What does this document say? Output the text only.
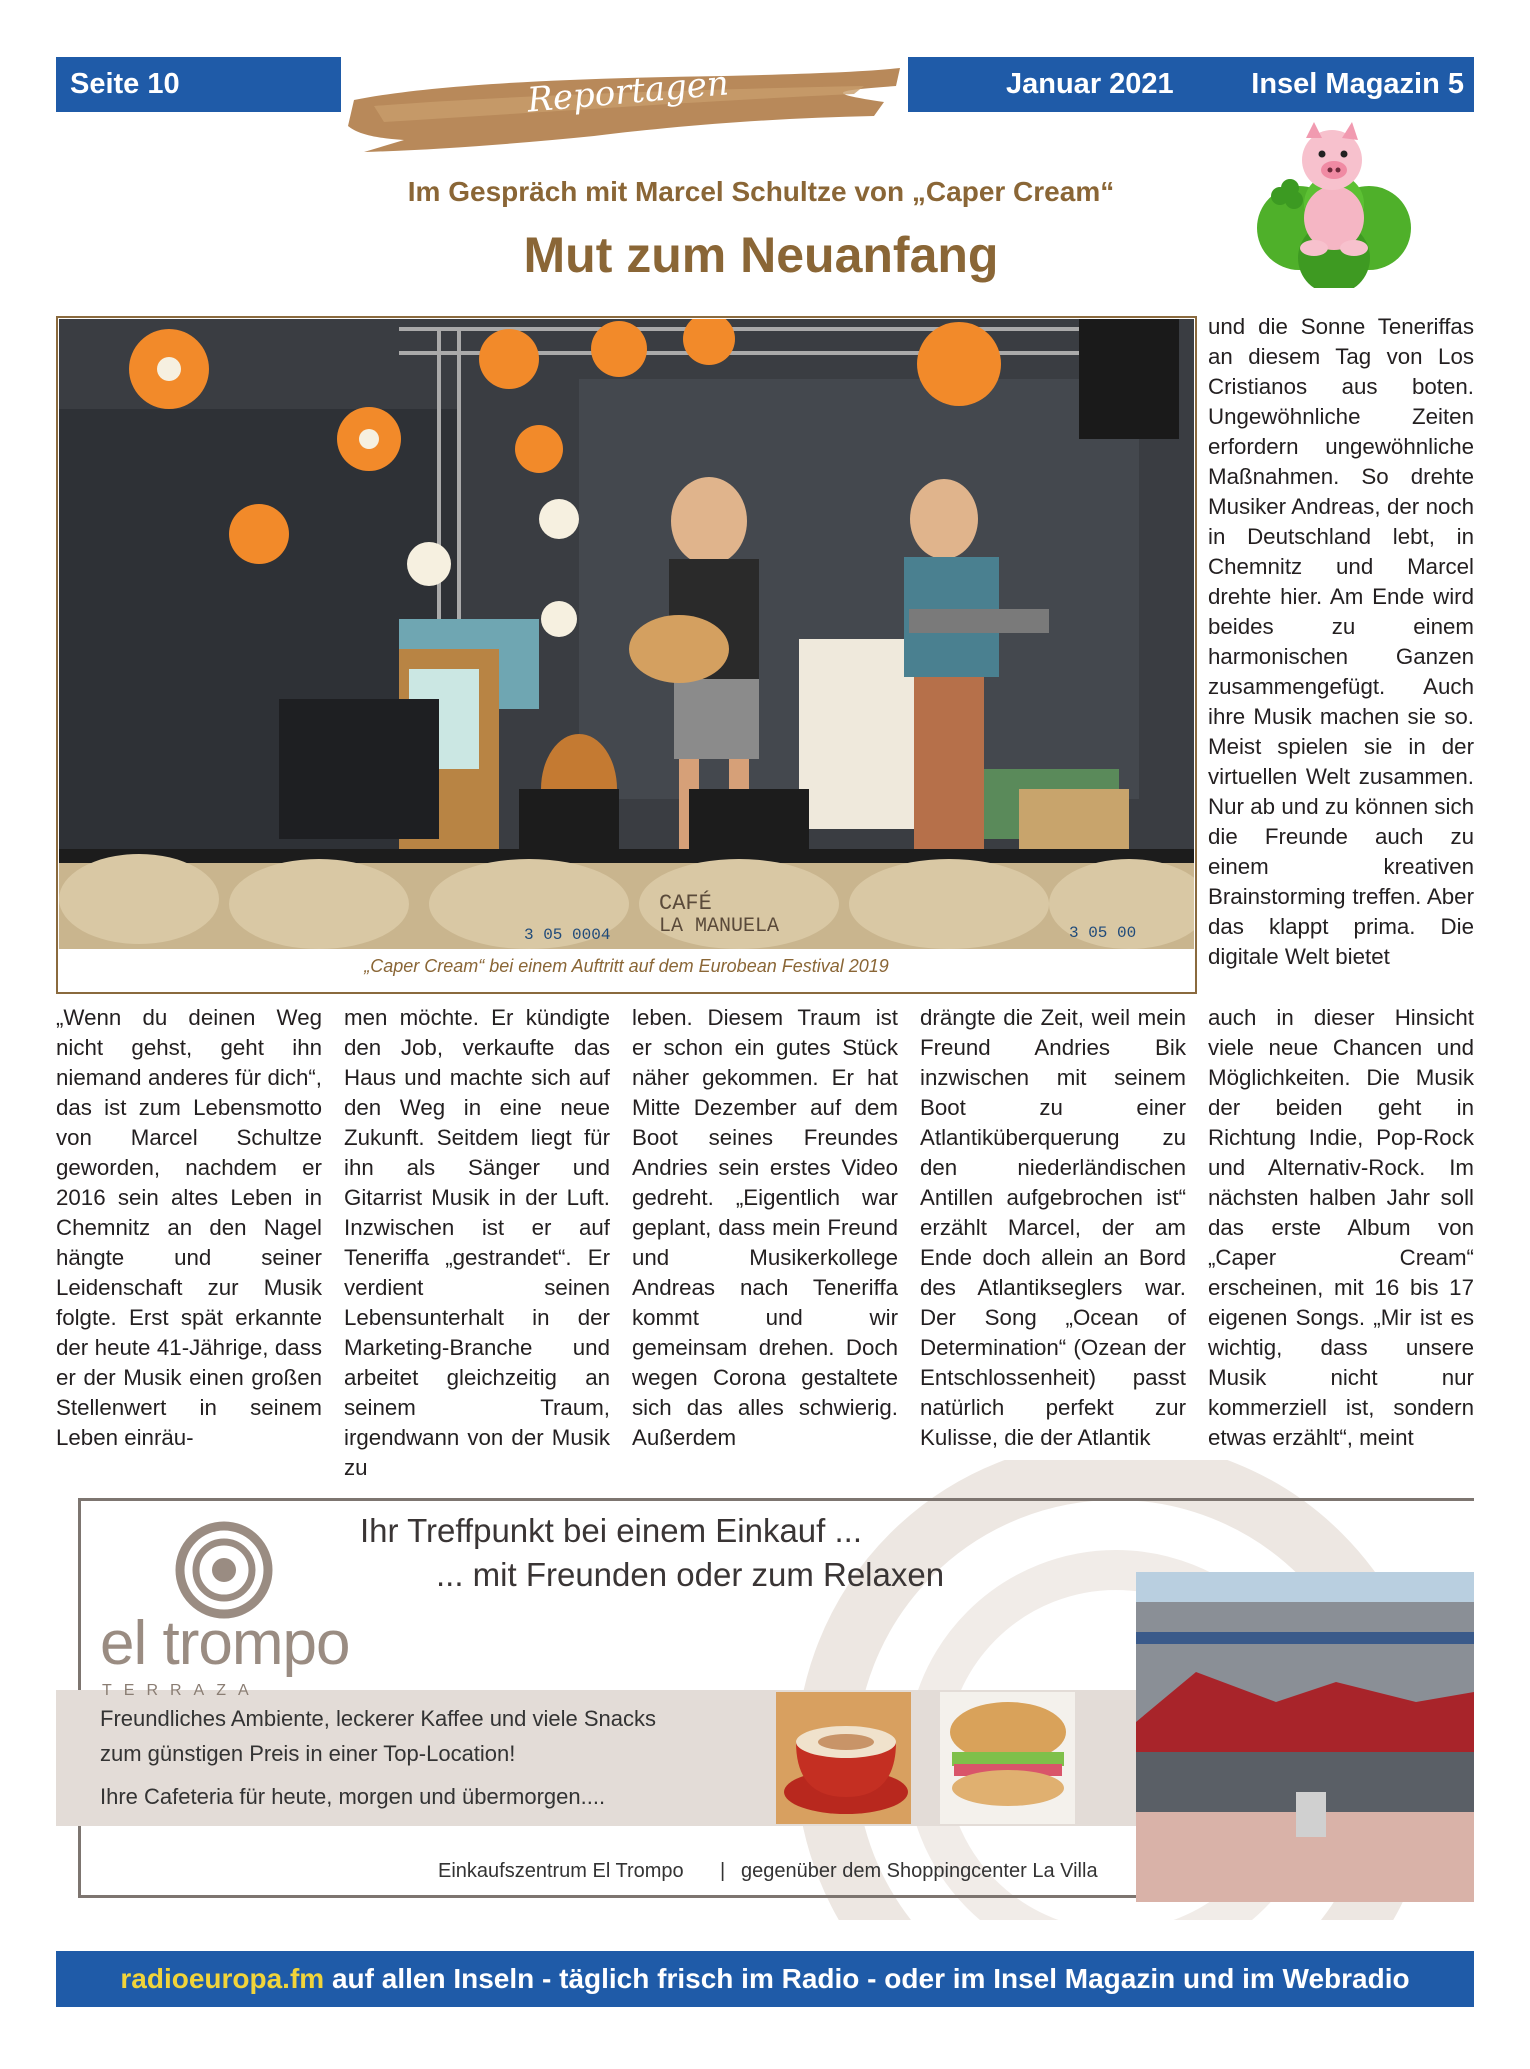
Seite 10	Reportagen	Januar 2021	Insel Magazin 5
Im Gespräch mit Marcel Schultze von „Caper Cream“
Mut zum Neuanfang
CAFÉ
LA MANUELA
3 05 0004	3 05 00
„Caper Cream“ bei einem Auftritt auf dem Eurobean Festival 2019

und die Sonne Teneriffas an diesem Tag von Los Cristianos aus boten. Ungewöhnliche Zeiten erfordern ungewöhnliche Maßnahmen. So drehte Musiker Andreas, der noch in Deutschland lebt, in Chemnitz und Marcel drehte hier. Am Ende wird beides zu einem harmonischen Ganzen zusammengefügt. Auch ihre Musik machen sie so. Meist spielen sie in der virtuellen Welt zusammen. Nur ab und zu können sich die Freunde auch zu einem kreativen Brainstorming treffen. Aber das klappt prima. Die digitale Welt bietet

„Wenn du deinen Weg nicht gehst, geht ihn niemand anderes für dich“, das ist zum Lebensmotto von Marcel Schultze geworden, nachdem er 2016 sein altes Leben in Chemnitz an den Nagel hängte und seiner Leidenschaft zur Musik folgte. Erst spät erkannte der heute 41-Jährige, dass er der Musik einen großen Stellenwert in seinem Leben einräu-

men möchte. Er kündigte den Job, verkaufte das Haus und machte sich auf den Weg in eine neue Zukunft. Seitdem liegt für ihn als Sänger und Gitarrist Musik in der Luft. Inzwischen ist er auf Teneriffa „gestrandet“. Er verdient seinen Lebensunterhalt in der Marketing-Branche und arbeitet gleichzeitig an seinem Traum, irgendwann von der Musik zu

leben. Diesem Traum ist er schon ein gutes Stück näher gekommen. Er hat Mitte Dezember auf dem Boot seines Freundes Andries sein erstes Video gedreht. „Eigentlich war geplant, dass mein Freund und Musikerkollege Andreas nach Teneriffa kommt und wir gemeinsam drehen. Doch wegen Corona gestaltete sich das alles schwierig. Außerdem

drängte die Zeit, weil mein Freund Andries Bik inzwischen mit seinem Boot zu einer Atlantiküberquerung zu den niederländischen Antillen aufgebrochen ist“ erzählt Marcel, der am Ende doch allein an Bord des Atlantikseglers war. Der Song „Ocean of Determination“ (Ozean der Entschlossenheit) passt natürlich perfekt zur Kulisse, die der Atlantik

auch in dieser Hinsicht viele neue Chancen und Möglichkeiten. Die Musik der beiden geht in Richtung Indie, Pop-Rock und Alternativ-Rock. Im nächsten halben Jahr soll das erste Album von „Caper Cream“ erscheinen, mit 16 bis 17 eigenen Songs. „Mir ist es wichtig, dass unsere Musik nicht nur kommerziell ist, sondern etwas erzählt“, meint

el trompo
TERRAZA
Ihr Treffpunkt bei einem Einkauf ...
... mit Freunden oder zum Relaxen
Freundliches Ambiente, leckerer Kaffee und viele Snacks
zum günstigen Preis in einer Top-Location!
Ihre Cafeteria für heute, morgen und übermorgen....
Einkaufszentrum El Trompo | gegenüber dem Shoppingcenter La Villa
radioeuropa.fm auf allen Inseln - täglich frisch im Radio - oder im Insel Magazin und im Webradio
